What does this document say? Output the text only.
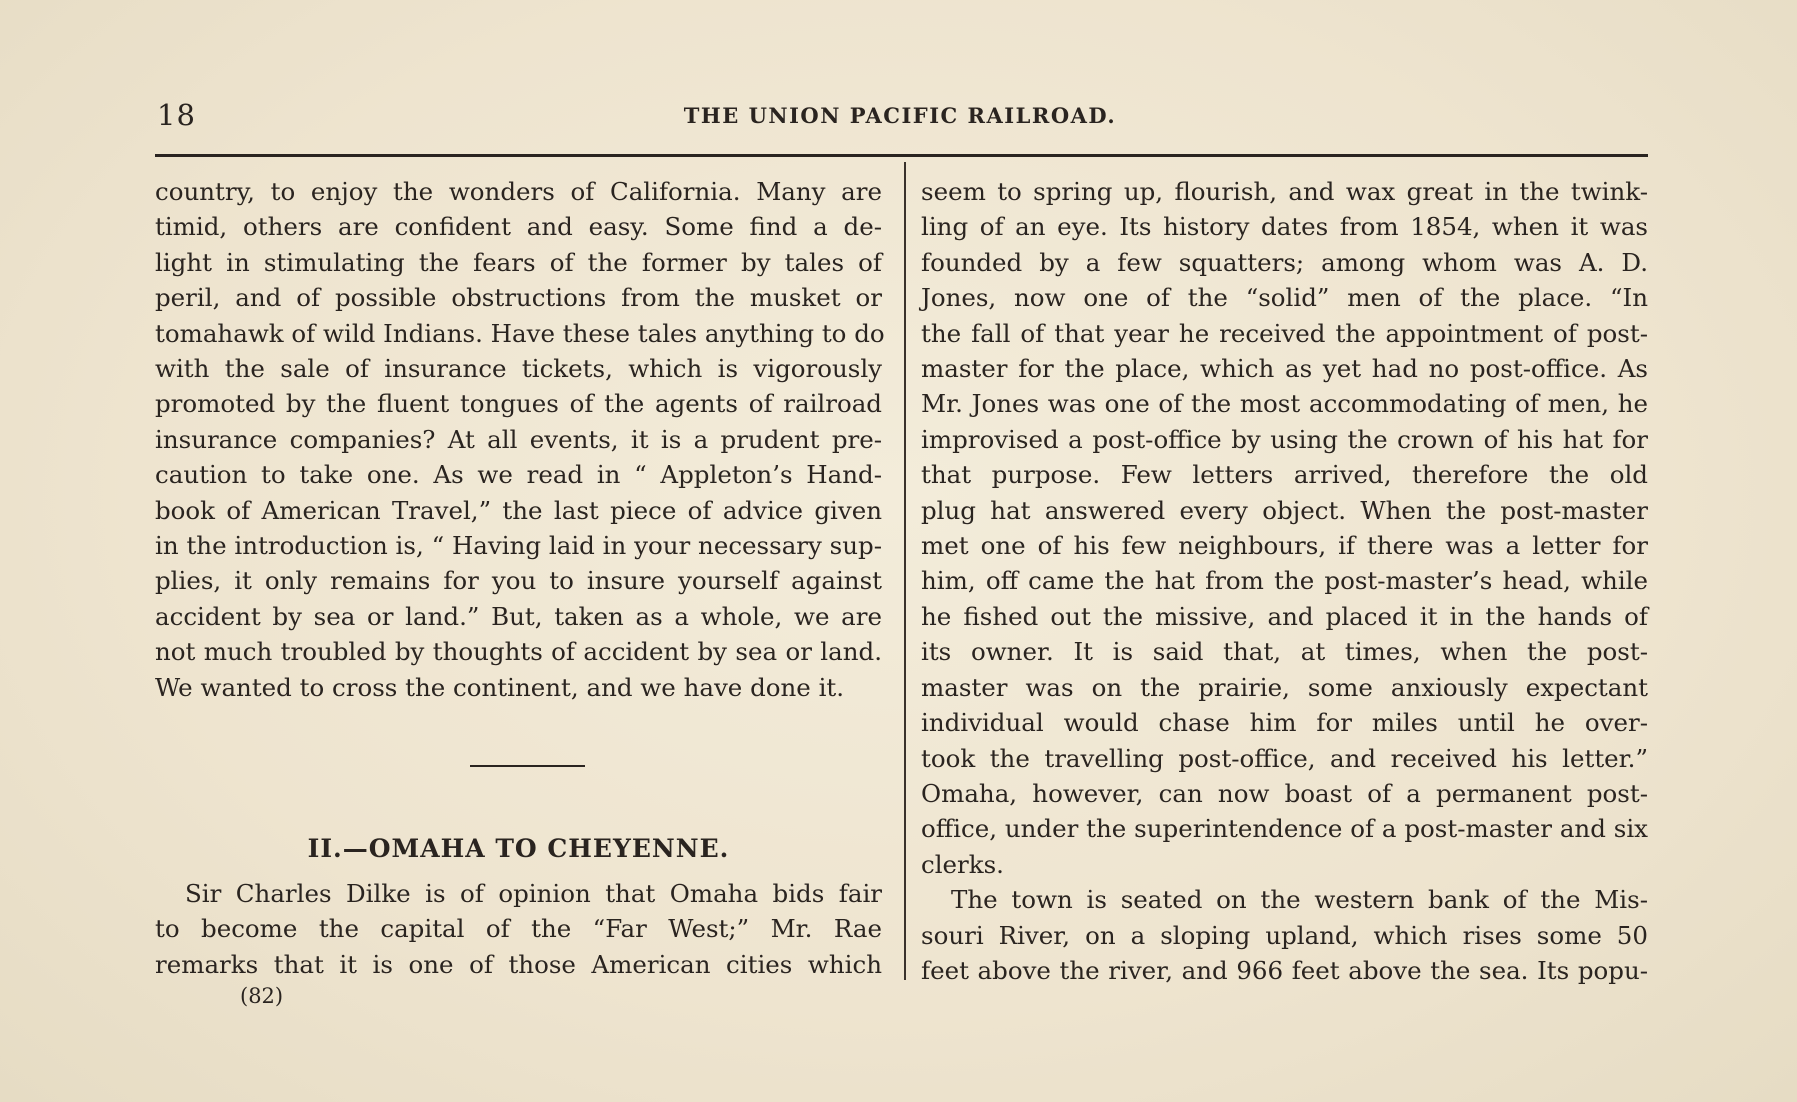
18	THE UNION PACIFIC RAILROAD.
country, to enjoy the wonders of California. Many are
timid, others are confident and easy. Some find a de-
light in stimulating the fears of the former by tales of
peril, and of possible obstructions from the musket or
tomahawk of wild Indians. Have these tales anything to do
with the sale of insurance tickets, which is vigorously
promoted by the fluent tongues of the agents of railroad
insurance companies? At all events, it is a prudent pre-
caution to take one. As we read in “ Appleton’s Hand-
book of American Travel,” the last piece of advice given
in the introduction is, “ Having laid in your necessary sup-
plies, it only remains for you to insure yourself against
accident by sea or land.” But, taken as a whole, we are
not much troubled by thoughts of accident by sea or land.
We wanted to cross the continent, and we have done it.
II.—OMAHA TO CHEYENNE.
Sir Charles Dilke is of opinion that Omaha bids fair
to become the capital of the “Far West;” Mr. Rae
remarks that it is one of those American cities which
(82)
seem to spring up, flourish, and wax great in the twink-
ling of an eye. Its history dates from 1854, when it was
founded by a few squatters; among whom was A. D.
Jones, now one of the “solid” men of the place. “In
the fall of that year he received the appointment of post-
master for the place, which as yet had no post-office. As
Mr. Jones was one of the most accommodating of men, he
improvised a post-office by using the crown of his hat for
that purpose. Few letters arrived, therefore the old
plug hat answered every object. When the post-master
met one of his few neighbours, if there was a letter for
him, off came the hat from the post-master’s head, while
he fished out the missive, and placed it in the hands of
its owner. It is said that, at times, when the post-
master was on the prairie, some anxiously expectant
individual would chase him for miles until he over-
took the travelling post-office, and received his letter.”
Omaha, however, can now boast of a permanent post-
office, under the superintendence of a post-master and six
clerks.
The town is seated on the western bank of the Mis-
souri River, on a sloping upland, which rises some 50
feet above the river, and 966 feet above the sea. Its popu-
